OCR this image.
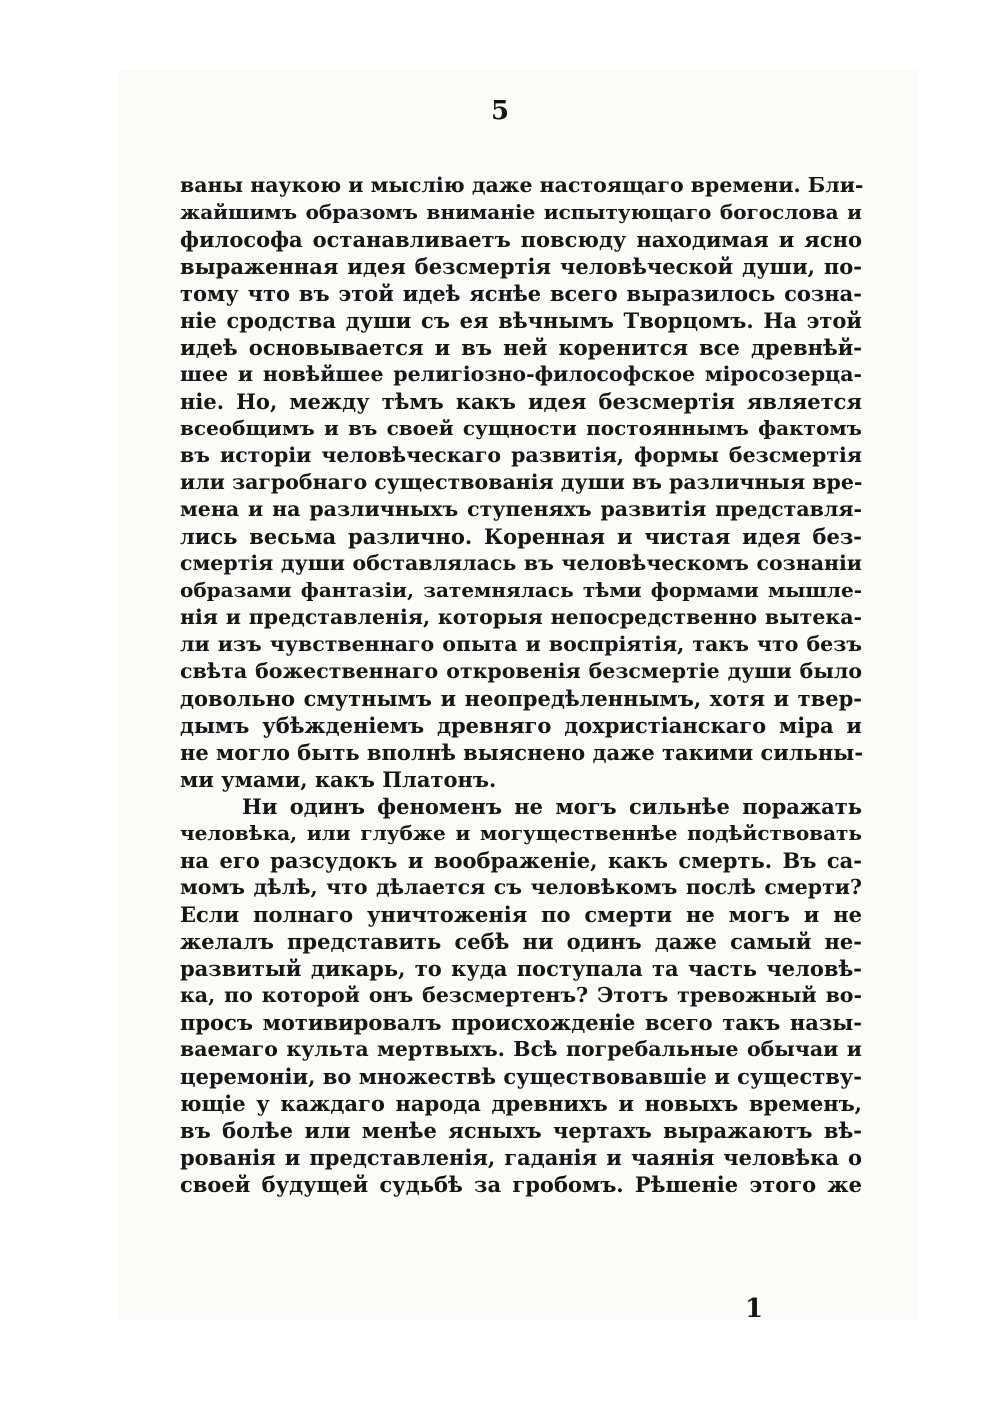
5
ваны наукою и мыслію даже настоящаго времени. Бли-
жайшимъ образомъ вниманіе испытующаго богослова и
философа останавливаетъ повсюду находимая и ясно
выраженная идея безсмертія человѣческой души, по-
тому что въ этой идеѣ яснѣе всего выразилось созна-
ніе сродства души съ ея вѣчнымъ Творцомъ. На этой
идеѣ основывается и въ ней коренится все древнѣй-
шее и новѣйшее религіозно-философское міросозерца-
ніе. Но, между тѣмъ какъ идея безсмертія является
всеобщимъ и въ своей сущности постояннымъ фактомъ
въ исторіи человѣческаго развитія, формы безсмертія
или загробнаго существованія души въ различныя вре-
мена и на различныхъ ступеняхъ развитія представля-
лись весьма различно. Коренная и чистая идея без-
смертія души обставлялась въ человѣческомъ сознаніи
образами фантазіи, затемнялась тѣми формами мышле-
нія и представленія, которыя непосредственно вытека-
ли изъ чувственнаго опыта и воспріятія, такъ что безъ
свѣта божественнаго откровенія безсмертіе души было
довольно смутнымъ и неопредѣленнымъ, хотя и твер-
дымъ убѣжденіемъ древняго дохристіанскаго міра и
не могло быть вполнѣ выяснено даже такими сильны-
ми умами, какъ Платонъ.
Ни одинъ феноменъ не могъ сильнѣе поражать
человѣка, или глубже и могущественнѣе подѣйствовать
на его разсудокъ и воображеніе, какъ смерть. Въ са-
момъ дѣлѣ, что дѣлается съ человѣкомъ послѣ смерти?
Если полнаго уничтоженія по смерти не могъ и не
желалъ представить себѣ ни одинъ даже самый не-
развитый дикарь, то куда поступала та часть человѣ-
ка, по которой онъ безсмертенъ? Этотъ тревожный во-
просъ мотивировалъ происхожденіе всего такъ назы-
ваемаго культа мертвыхъ. Всѣ погребальные обычаи и
церемоніи, во множествѣ существовавшіе и существу-
ющіе у каждаго народа древнихъ и новыхъ временъ,
въ болѣе или менѣе ясныхъ чертахъ выражаютъ вѣ-
рованія и представленія, гаданія и чаянія человѣка о
своей будущей судьбѣ за гробомъ. Рѣшеніе этого же
1
